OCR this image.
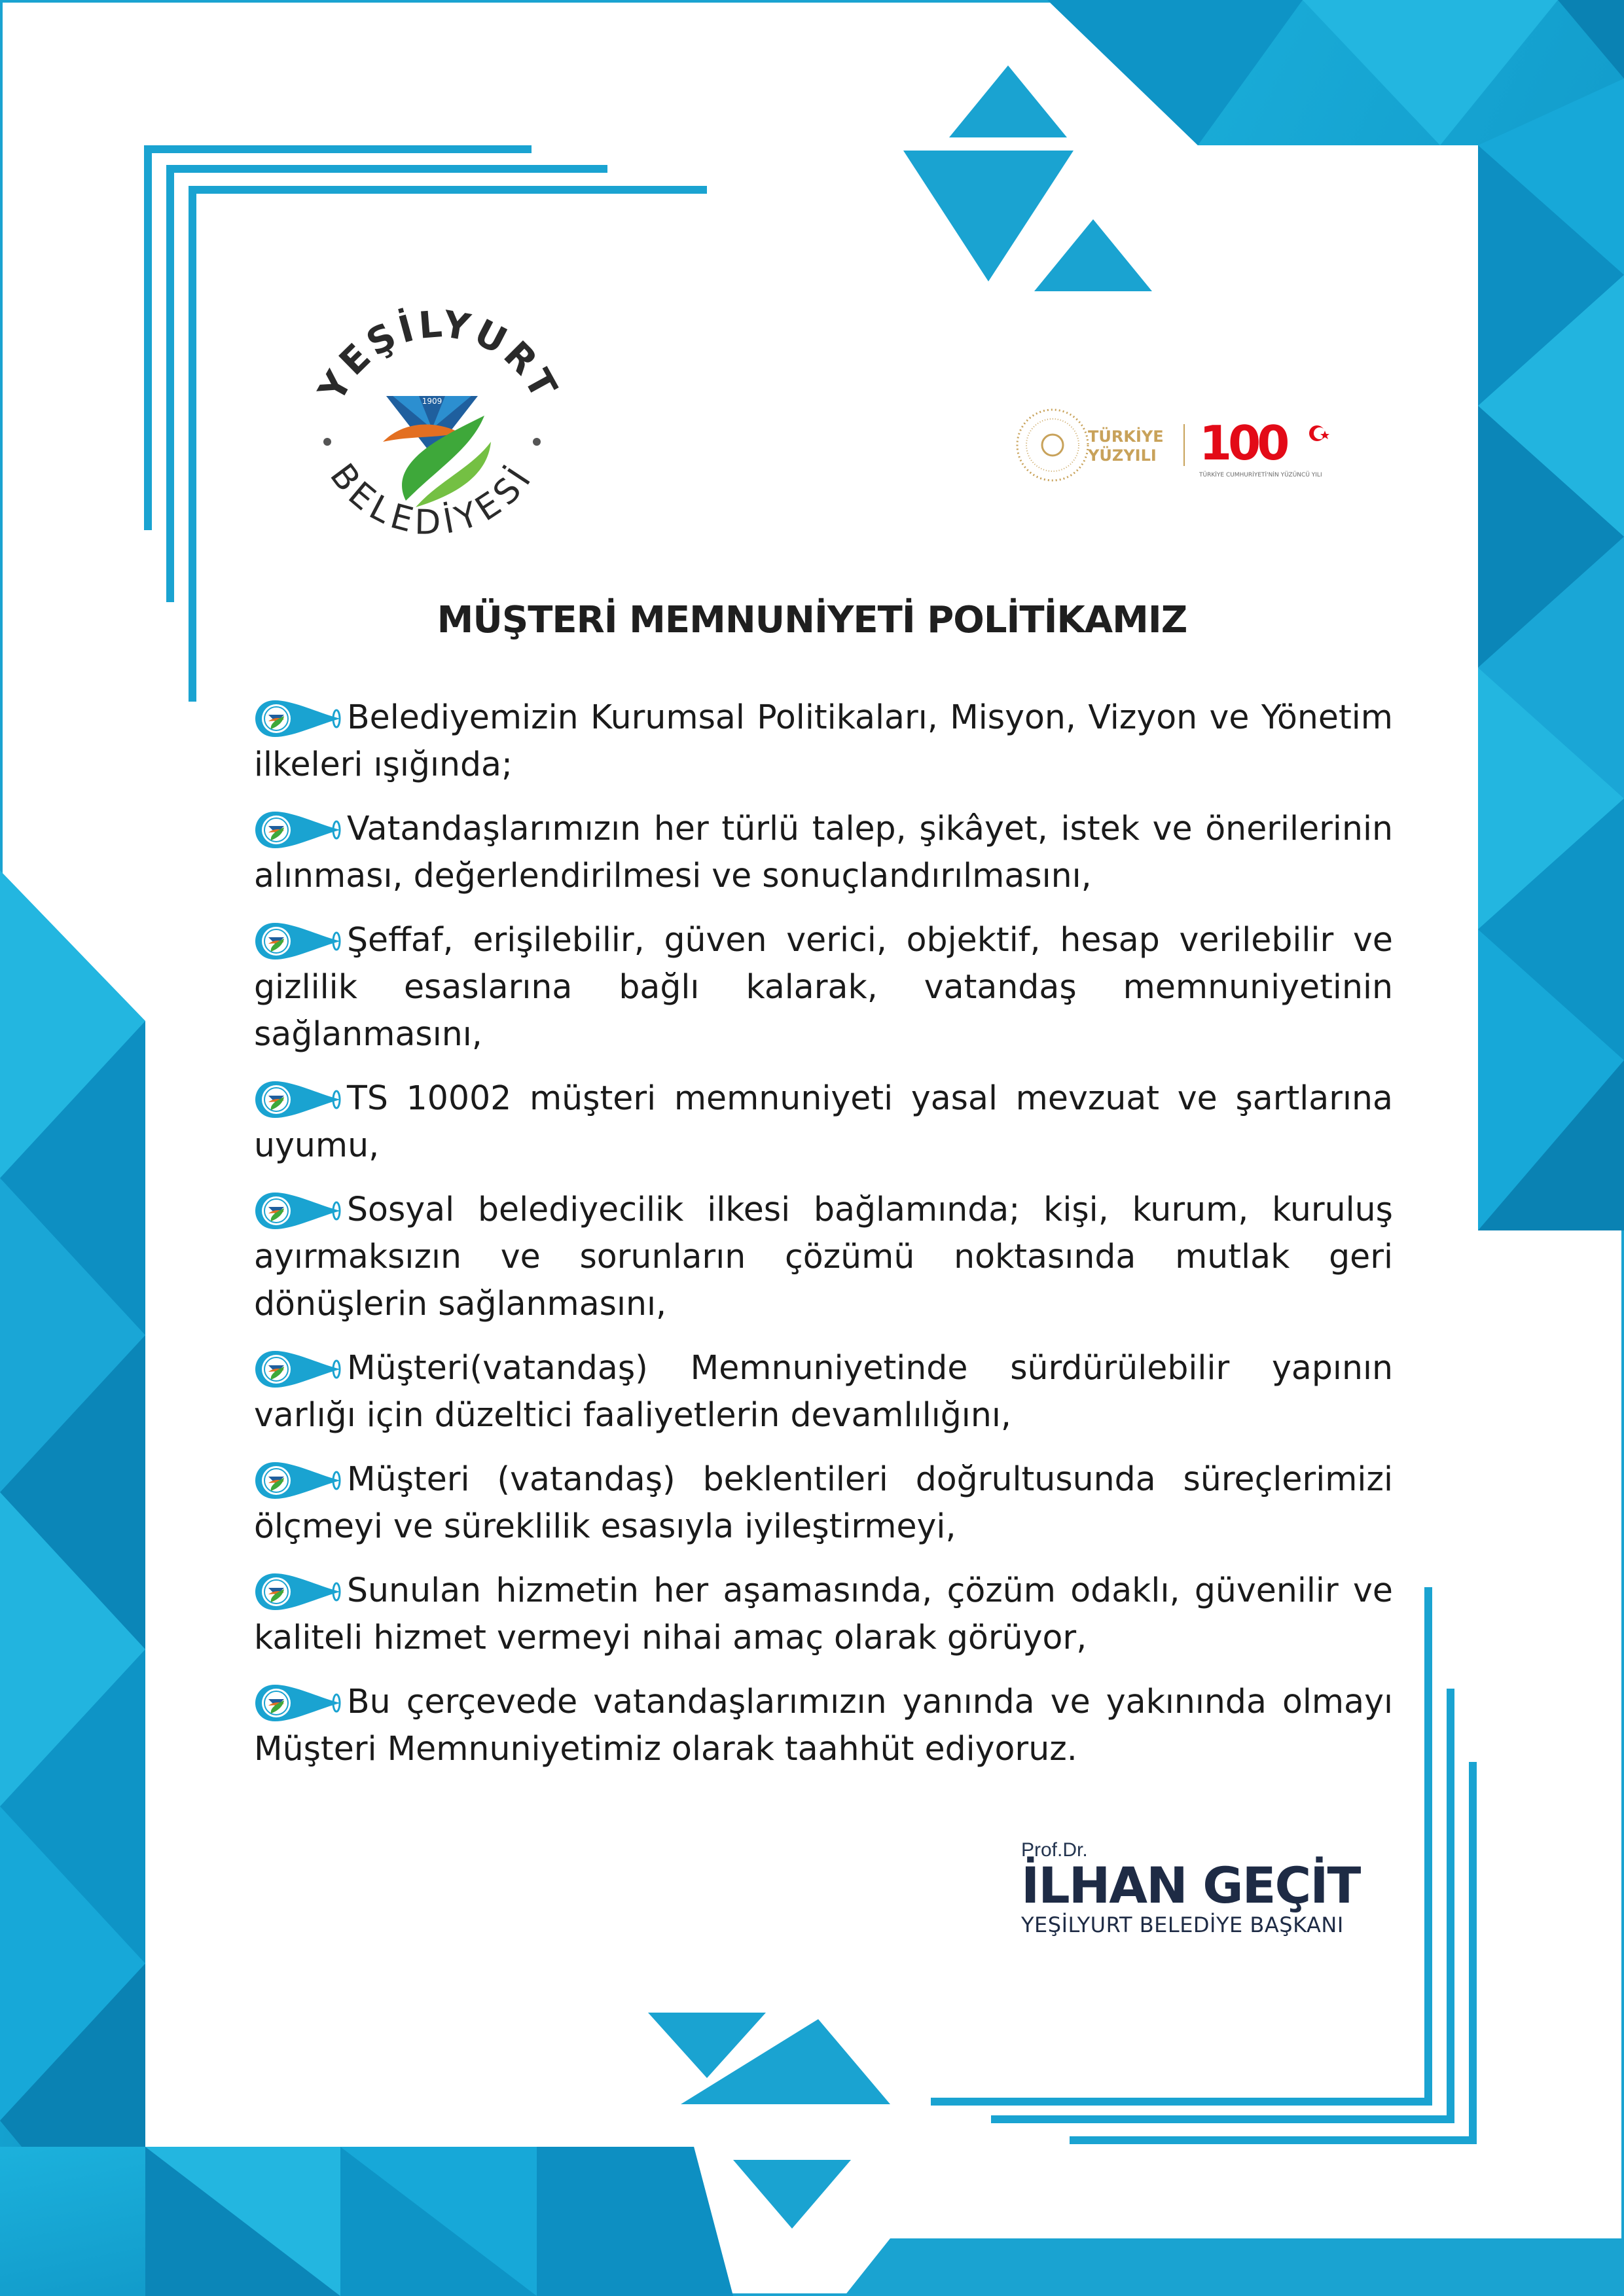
YEŞİLYURT
BELEDİYESİ
1909
TÜRKİYE
YÜZYILI 100
TÜRKİYE CUMHURİYETİ'NİN YÜZÜNCÜ YILI
MÜŞTERİ MEMNUNİYETİ POLİTİKAMIZ
Belediyemizin Kurumsal Politikaları, Misyon, Vizyon ve Yönetim ilkeleri ışığında;
Vatandaşlarımızın her türlü talep, şikâyet, istek ve önerilerinin alınması, değerlendirilmesi ve sonuçlandırılmasını,
Şeffaf, erişilebilir, güven verici, objektif, hesap verilebilir ve gizlilik esaslarına bağlı kalarak, vatandaş memnuniyetinin sağlanmasını,
TS 10002 müşteri memnuniyeti yasal mevzuat ve şartlarına uyumu,
Sosyal belediyecilik ilkesi bağlamında; kişi, kurum, kuruluş ayırmaksızın ve sorunların çözümü noktasında mutlak geri dönüşlerin sağlanmasını,
Müşteri(vatandaş) Memnuniyetinde sürdürülebilir yapının varlığı için düzeltici faaliyetlerin devamlılığını,
Müşteri (vatandaş) beklentileri doğrultusunda süreçlerimizi ölçmeyi ve süreklilik esasıyla iyileştirmeyi,
Sunulan hizmetin her aşamasında, çözüm odaklı, güvenilir ve kaliteli hizmet vermeyi nihai amaç olarak görüyor,
Bu çerçevede vatandaşlarımızın yanında ve yakınında olmayı Müşteri Memnuniyetimiz olarak taahhüt ediyoruz.
Prof.Dr.
İLHAN GEÇİT
YEŞİLYURT BELEDİYE BAŞKANI
